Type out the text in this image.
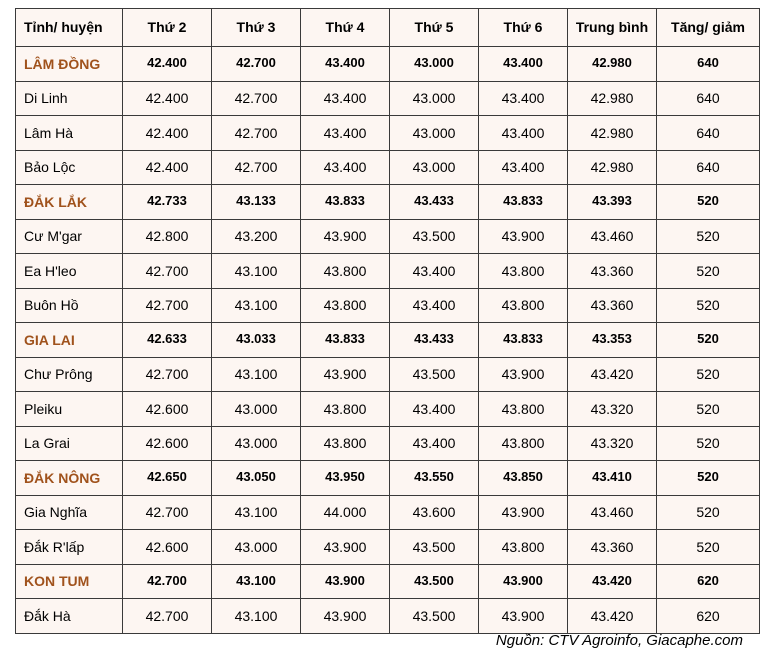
Tỉnh/ huyện	Thứ 2	Thứ 3	Thứ 4	Thứ 5	Thứ 6	Trung bình	Tăng/ giảm
LÂM ĐỒNG	42.400	42.700	43.400	43.000	43.400	42.980	640
Di Linh	42.400	42.700	43.400	43.000	43.400	42.980	640
Lâm Hà	42.400	42.700	43.400	43.000	43.400	42.980	640
Bảo Lộc	42.400	42.700	43.400	43.000	43.400	42.980	640
ĐẮK LẮK	42.733	43.133	43.833	43.433	43.833	43.393	520
Cư M'gar	42.800	43.200	43.900	43.500	43.900	43.460	520
Ea H'leo	42.700	43.100	43.800	43.400	43.800	43.360	520
Buôn Hồ	42.700	43.100	43.800	43.400	43.800	43.360	520
GIA LAI	42.633	43.033	43.833	43.433	43.833	43.353	520
Chư Prông	42.700	43.100	43.900	43.500	43.900	43.420	520
Pleiku	42.600	43.000	43.800	43.400	43.800	43.320	520
La Grai	42.600	43.000	43.800	43.400	43.800	43.320	520
ĐẮK NÔNG	42.650	43.050	43.950	43.550	43.850	43.410	520
Gia Nghĩa	42.700	43.100	44.000	43.600	43.900	43.460	520
Đắk R'lấp	42.600	43.000	43.900	43.500	43.800	43.360	520
KON TUM	42.700	43.100	43.900	43.500	43.900	43.420	620
Đắk Hà	42.700	43.100	43.900	43.500	43.900	43.420	620
Nguồn: CTV Agroinfo, Giacaphe.com
